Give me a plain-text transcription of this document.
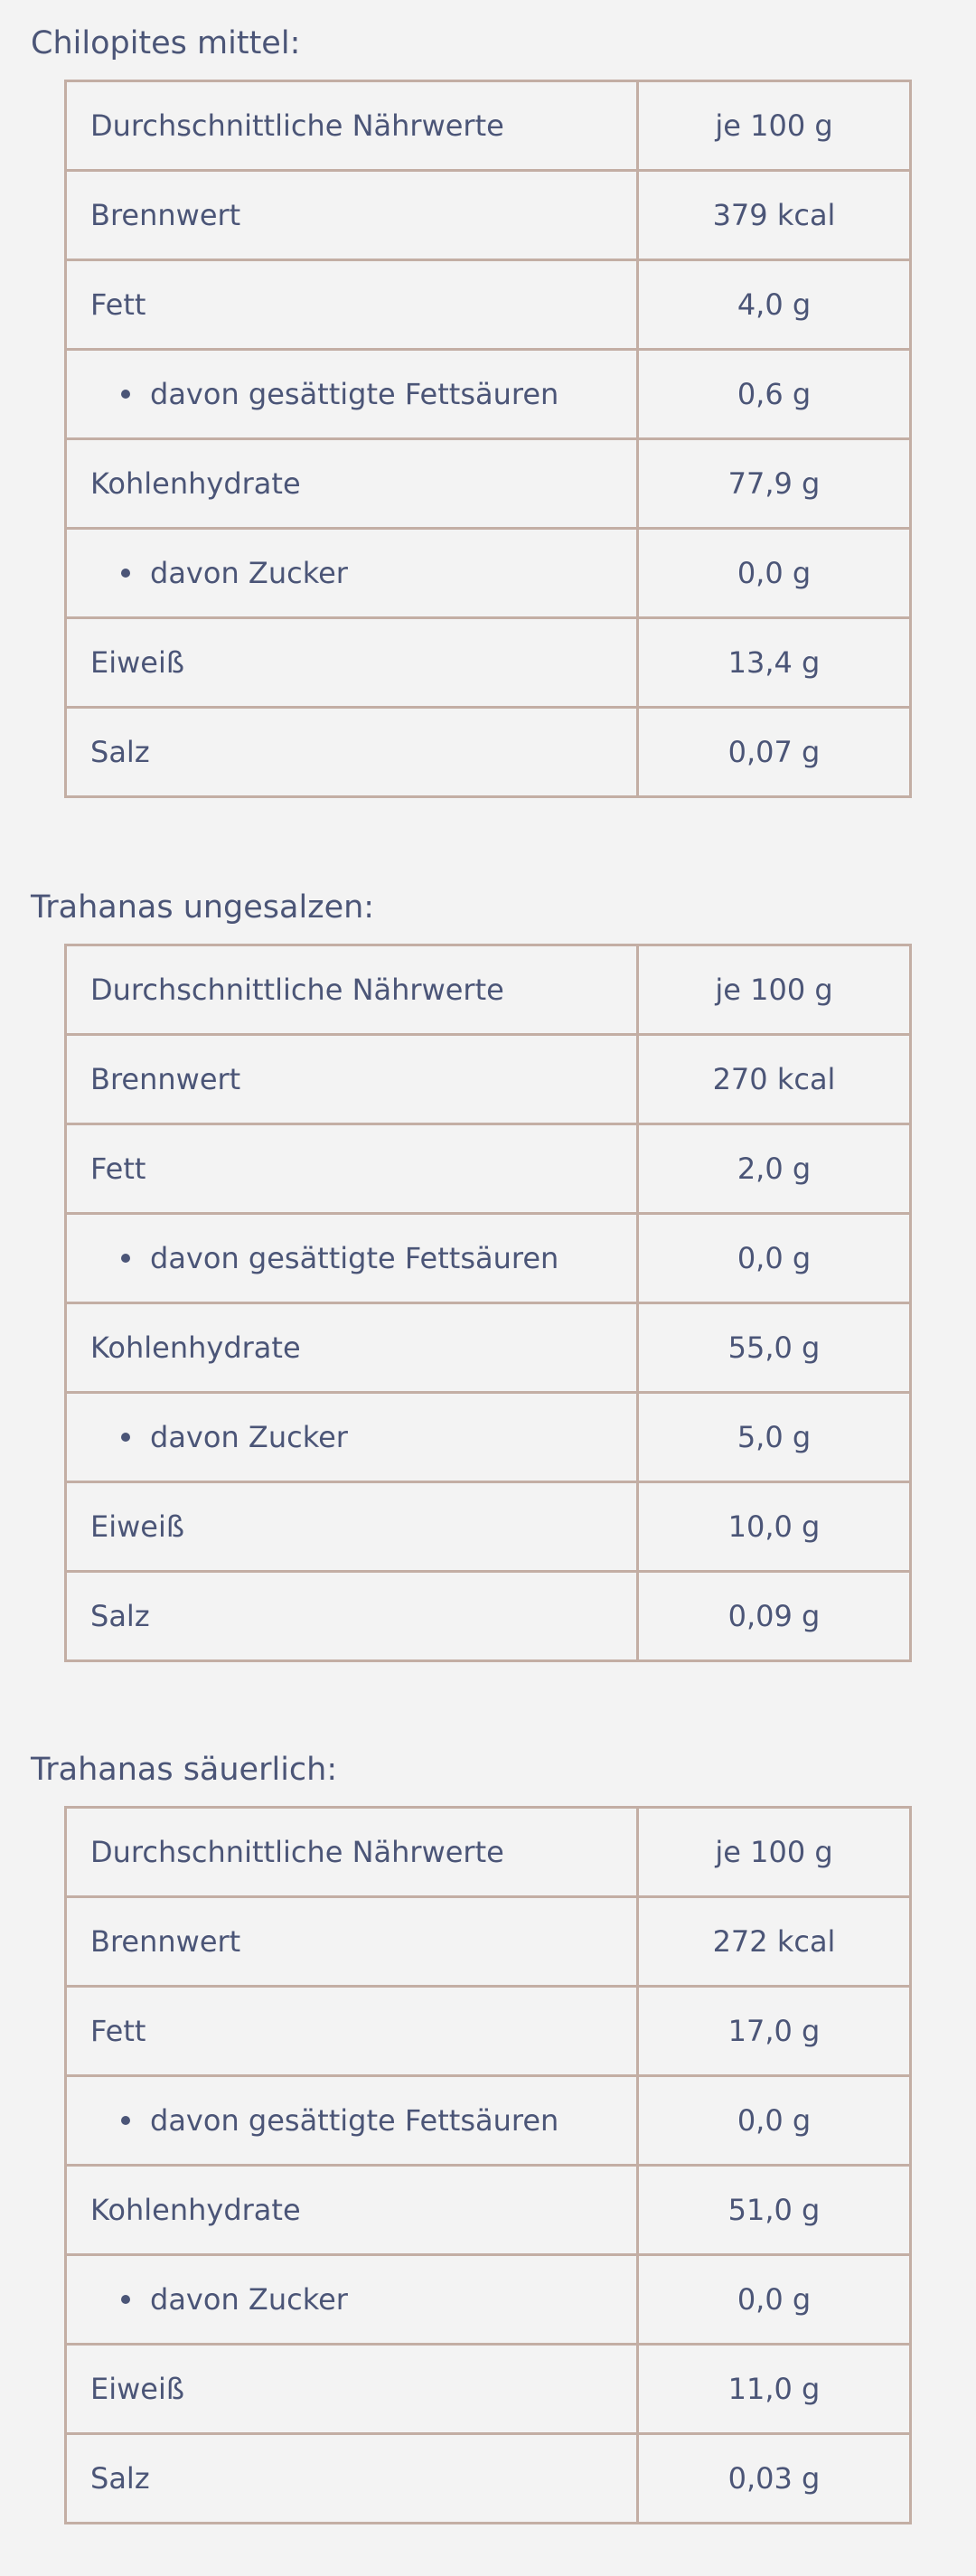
Chilopites mittel:
Durchschnittliche Nährwerte	je 100 g
Brennwert	379 kcal
Fett	4,0 g
davon gesättigte Fettsäuren	0,6 g
Kohlenhydrate	77,9 g
davon Zucker	0,0 g
Eiweiß	13,4 g
Salz	0,07 g
Trahanas ungesalzen:
Durchschnittliche Nährwerte	je 100 g
Brennwert	270 kcal
Fett	2,0 g
davon gesättigte Fettsäuren	0,0 g
Kohlenhydrate	55,0 g
davon Zucker	5,0 g
Eiweiß	10,0 g
Salz	0,09 g
Trahanas säuerlich:
Durchschnittliche Nährwerte	je 100 g
Brennwert	272 kcal
Fett	17,0 g
davon gesättigte Fettsäuren	0,0 g
Kohlenhydrate	51,0 g
davon Zucker	0,0 g
Eiweiß	11,0 g
Salz	0,03 g
